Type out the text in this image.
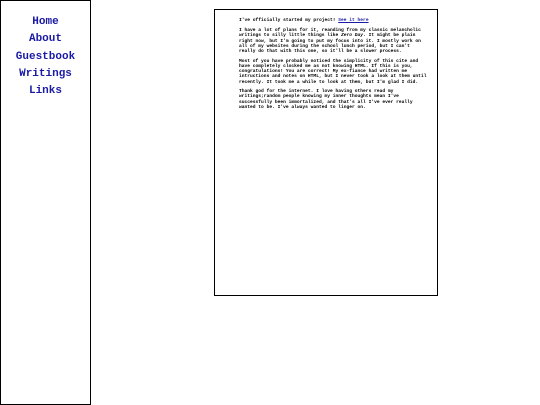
Home
About
Guestbook
Writings
Links

I've officially started my project! See it here

I have a lot of plans for it, reanding from my classic melancholic writings to silly little things like Zero Day. It might be plain right now, but I'm going to put my focus into it. I mostly work on all of my websites during the school lunch period, but I can't really do that with this one, so it'll be a slower process.

Most of you have probably noticed the simplicity of this cite and have completely clocked me as not knowing HTML. If this is you, congratulations! You are correct! My ex-fiance had written me intructions and notes on HTML, but I never took a look at them until recently. It took me a while to look at them, but I'm glad I did.

Thank god for the internet. I love having others read my writings;random people knowing my inner thoughts mean I've successfully been immortalized, and that's all I've ever really wanted to be. I've always wanted to linger on.
